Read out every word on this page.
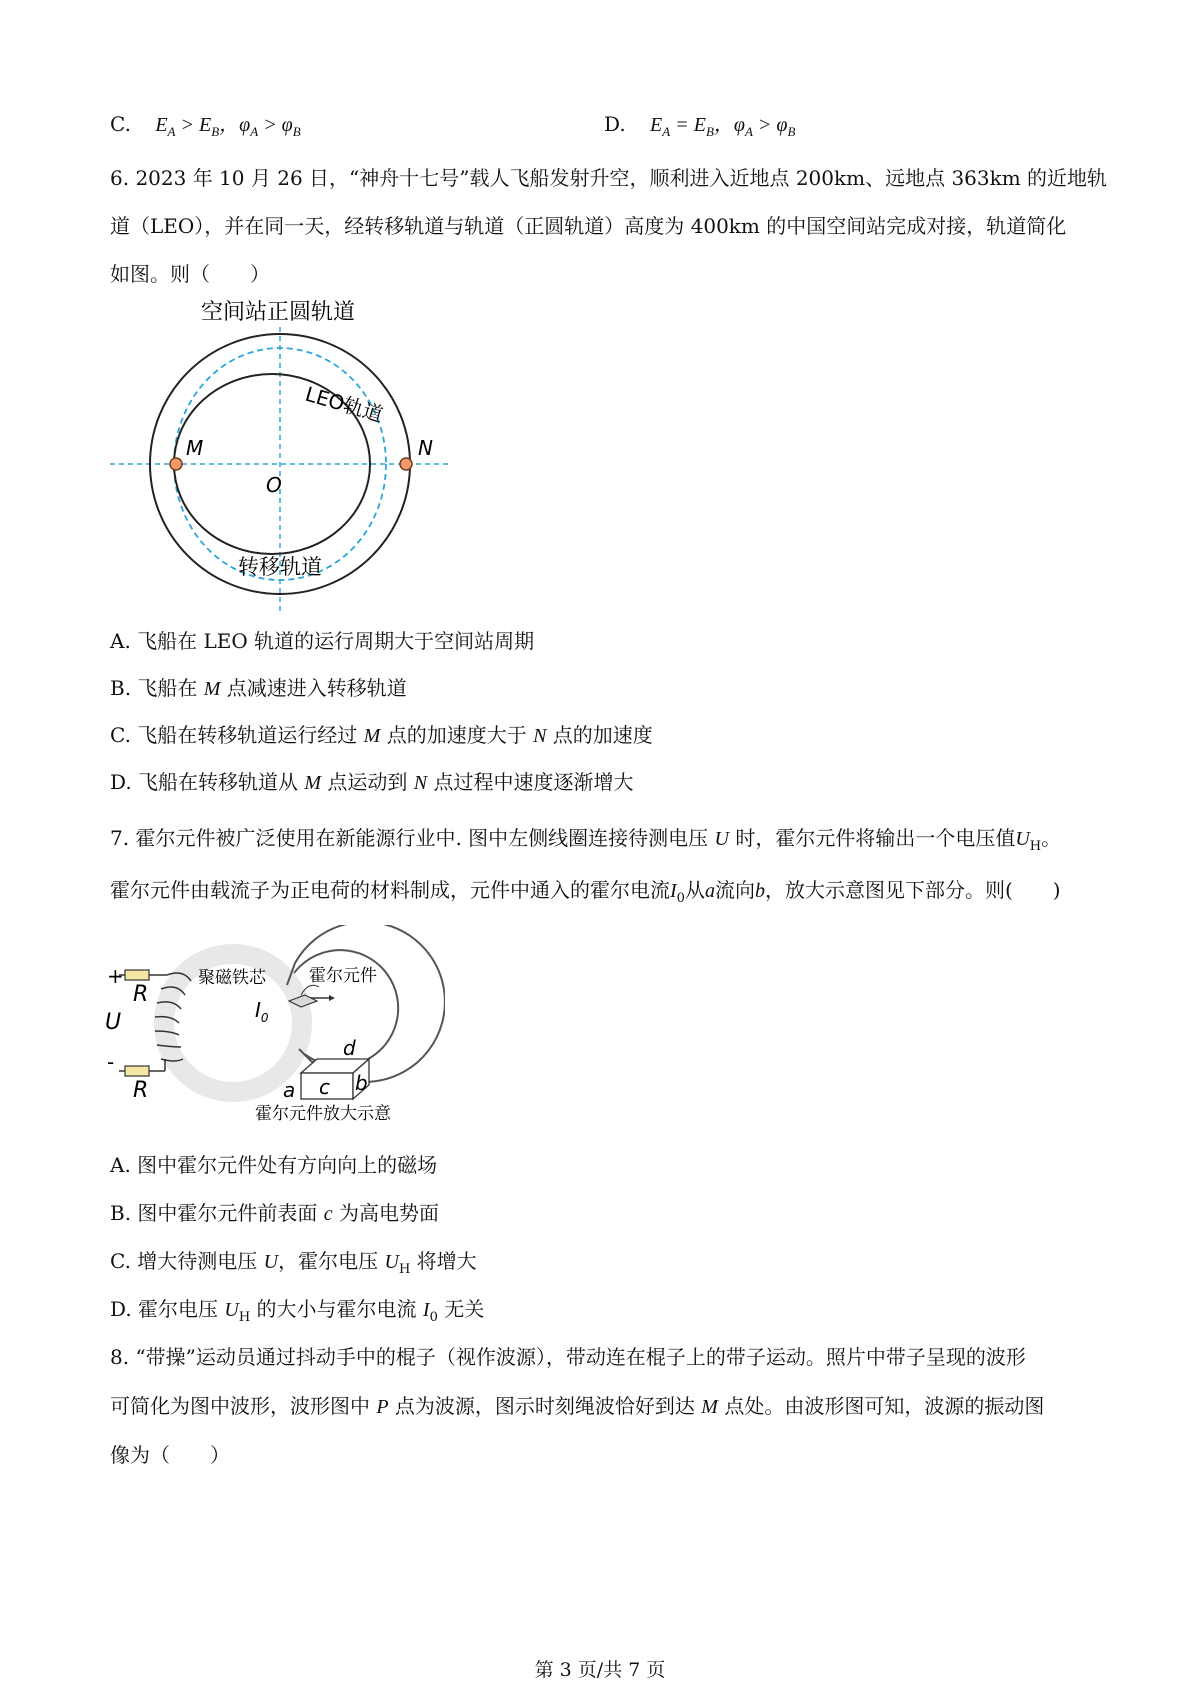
C. $E_A > E_B$，$\varphi_A > \varphi_B$	D. $E_A = E_B$，$\varphi_A > \varphi_B$
6. 2023 年 10 月 26 日，“神舟十七号”载人飞船发射升空，顺利进入近地点 200km、远地点 363km 的近地轨
道（LEO），并在同一天，经转移轨道与轨道（正圆轨道）高度为 400km 的中国空间站完成对接，轨道简化
如图。则（　　）
空间站正圆轨道
M	N
O
LEO轨道
转移轨道
A. 飞船在 LEO 轨道的运行周期大于空间站周期
B. 飞船在 M 点减速进入转移轨道
C. 飞船在转移轨道运行经过 M 点的加速度大于 N 点的加速度
D. 飞船在转移轨道从 M 点运动到 N 点过程中速度逐渐增大
7. 霍尔元件被广泛使用在新能源行业中. 图中左侧线圈连接待测电压 U 时，霍尔元件将输出一个电压值$U_H$。
霍尔元件由载流子为正电荷的材料制成，元件中通入的霍尔电流$I_0$从a流向b，放大示意图见下部分。则(　　)
+
-
U
R
R
聚磁铁芯
$I_0$
霍尔元件
a c b
d
霍尔元件放大示意
A. 图中霍尔元件处有方向向上的磁场
B. 图中霍尔元件前表面 c 为高电势面
C. 增大待测电压 U，霍尔电压 $U_H$ 将增大
D. 霍尔电压 $U_H$ 的大小与霍尔电流 $I_0$ 无关
8. “带操”运动员通过抖动手中的棍子（视作波源），带动连在棍子上的带子运动。照片中带子呈现的波形
可简化为图中波形，波形图中 P 点为波源，图示时刻绳波恰好到达 M 点处。由波形图可知，波源的振动图
像为（　　）
第 3 页/共 7 页
